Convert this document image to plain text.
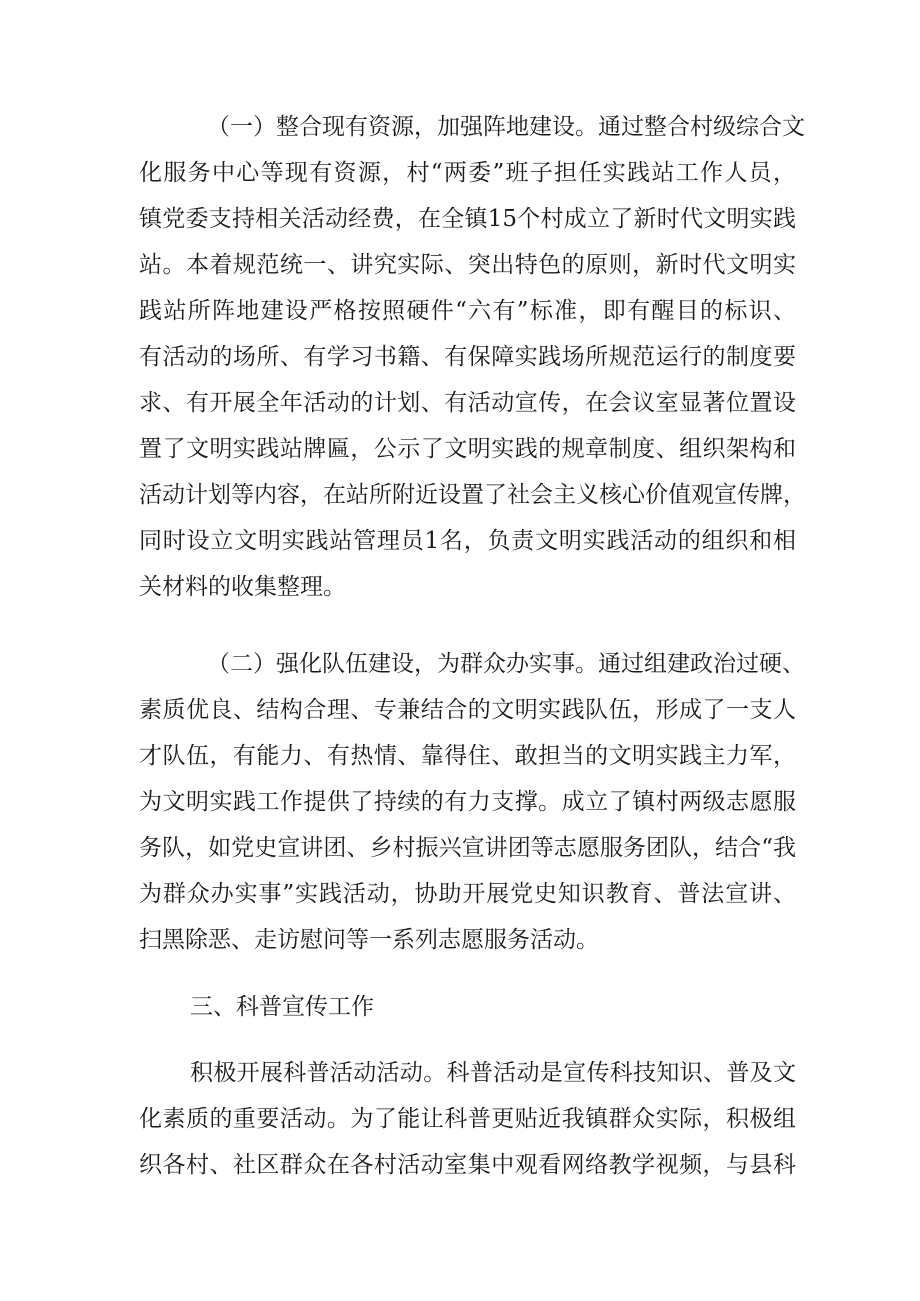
（一）整合现有资源，加强阵地建设。通过整合村级综合文
化服务中心等现有资源，村“两委”班子担任实践站工作人员，
镇党委支持相关活动经费，在全镇15个村成立了新时代文明实践
站。本着规范统一、讲究实际、突出特色的原则，新时代文明实
践站所阵地建设严格按照硬件“六有”标准，即有醒目的标识、
有活动的场所、有学习书籍、有保障实践场所规范运行的制度要
求、有开展全年活动的计划、有活动宣传，在会议室显著位置设
置了文明实践站牌匾，公示了文明实践的规章制度、组织架构和
活动计划等内容，在站所附近设置了社会主义核心价值观宣传牌，
同时设立文明实践站管理员1名，负责文明实践活动的组织和相
关材料的收集整理。
（二）强化队伍建设，为群众办实事。通过组建政治过硬、
素质优良、结构合理、专兼结合的文明实践队伍，形成了一支人
才队伍，有能力、有热情、靠得住、敢担当的文明实践主力军，
为文明实践工作提供了持续的有力支撑。成立了镇村两级志愿服
务队，如党史宣讲团、乡村振兴宣讲团等志愿服务团队，结合“我
为群众办实事”实践活动，协助开展党史知识教育、普法宣讲、
扫黑除恶、走访慰问等一系列志愿服务活动。
三、科普宣传工作
积极开展科普活动活动。科普活动是宣传科技知识、普及文
化素质的重要活动。为了能让科普更贴近我镇群众实际，积极组
织各村、社区群众在各村活动室集中观看网络教学视频，与县科
